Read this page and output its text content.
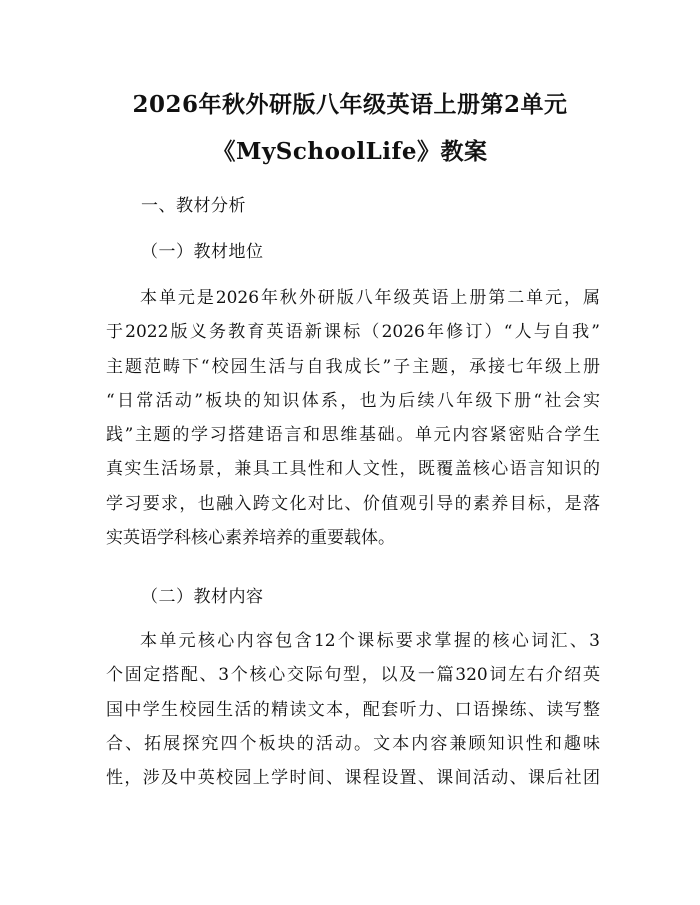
2026年秋外研版八年级英语上册第2单元
《MySchoolLife》教案
一、教材分析
（一）教材地位
本单元是2026年秋外研版八年级英语上册第二单元，属
于2022版义务教育英语新课标（2026年修订）“人与自我”
主题范畴下“校园生活与自我成长”子主题，承接七年级上册
“日常活动”板块的知识体系，也为后续八年级下册“社会实
践”主题的学习搭建语言和思维基础。单元内容紧密贴合学生
真实生活场景，兼具工具性和人文性，既覆盖核心语言知识的
学习要求，也融入跨文化对比、价值观引导的素养目标，是落
实英语学科核心素养培养的重要载体。
（二）教材内容
本单元核心内容包含12个课标要求掌握的核心词汇、3
个固定搭配、3个核心交际句型，以及一篇320词左右介绍英
国中学生校园生活的精读文本，配套听力、口语操练、读写整
合、拓展探究四个板块的活动。文本内容兼顾知识性和趣味
性，涉及中英校园上学时间、课程设置、课间活动、课后社团
